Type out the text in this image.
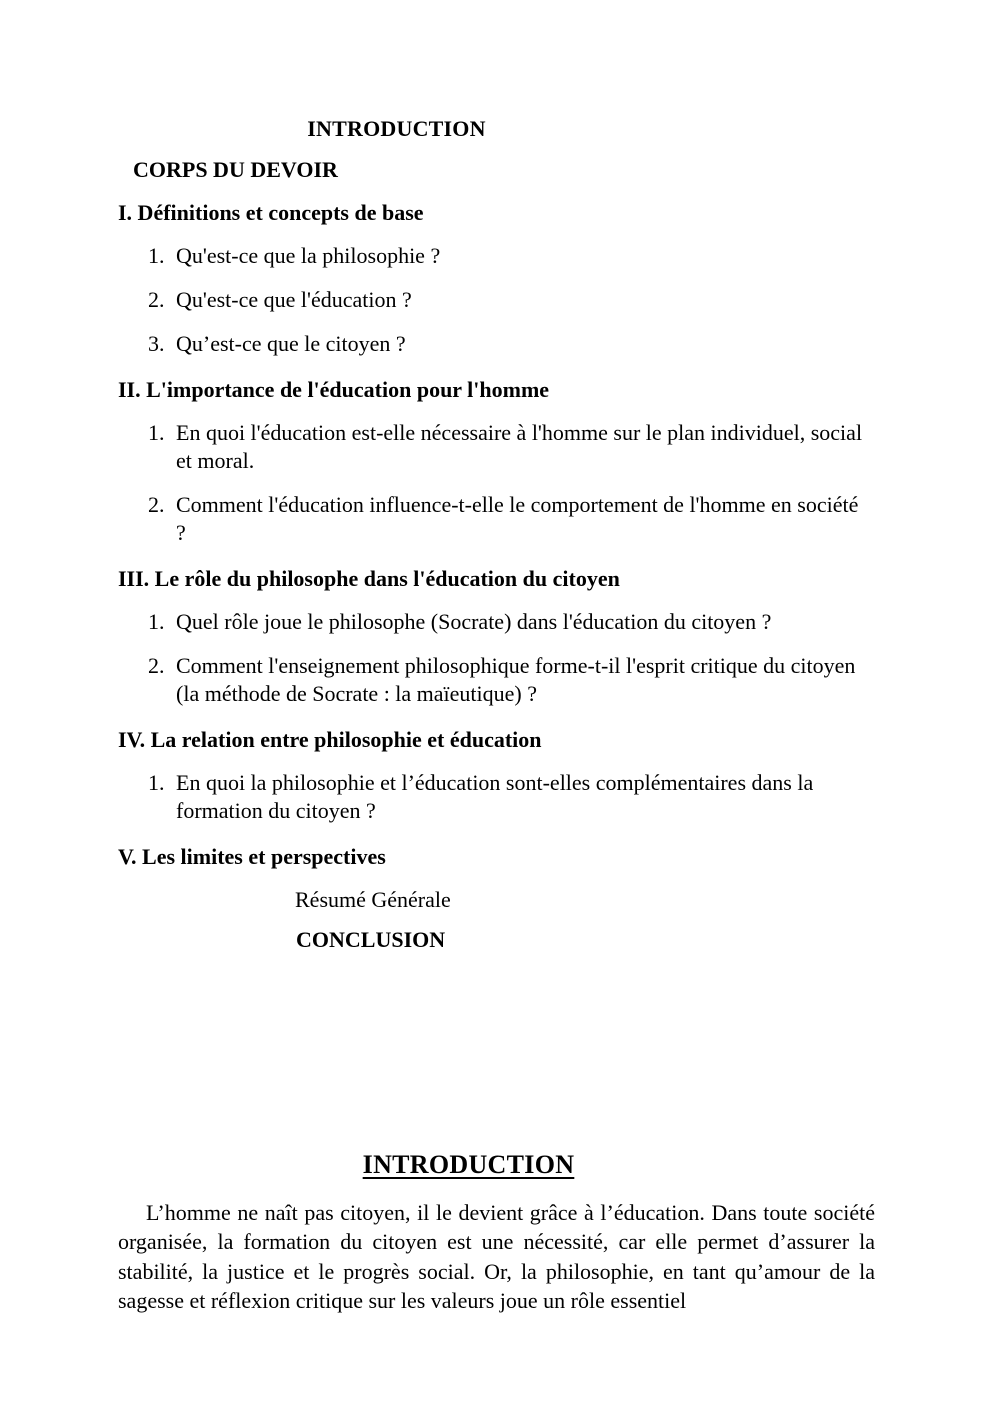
INTRODUCTION
CORPS DU DEVOIR
I. Définitions et concepts de base
1. Qu'est-ce que la philosophie ?
2. Qu'est-ce que l'éducation ?
3. Qu’est-ce que le citoyen ?
II. L'importance de l'éducation pour l'homme
1. En quoi l'éducation est-elle nécessaire à l'homme sur le plan individuel, social et moral.
2. Comment l'éducation influence-t-elle le comportement de l'homme en société ?
III. Le rôle du philosophe dans l'éducation du citoyen
1. Quel rôle joue le philosophe (Socrate) dans l'éducation du citoyen ?
2. Comment l'enseignement philosophique forme-t-il l'esprit critique du citoyen (la méthode de Socrate : la maïeutique) ?
IV. La relation entre philosophie et éducation
1. En quoi la philosophie et l’éducation sont-elles complémentaires dans la formation du citoyen ?
V. Les limites et perspectives
Résumé Générale
CONCLUSION
INTRODUCTION

L’homme ne naît pas citoyen, il le devient grâce à l’éducation. Dans toute société organisée, la formation du citoyen est une nécessité, car elle permet d’assurer la stabilité, la justice et le progrès social. Or, la philosophie, en tant qu’amour de la sagesse et réflexion critique sur les valeurs joue un rôle essentiel
